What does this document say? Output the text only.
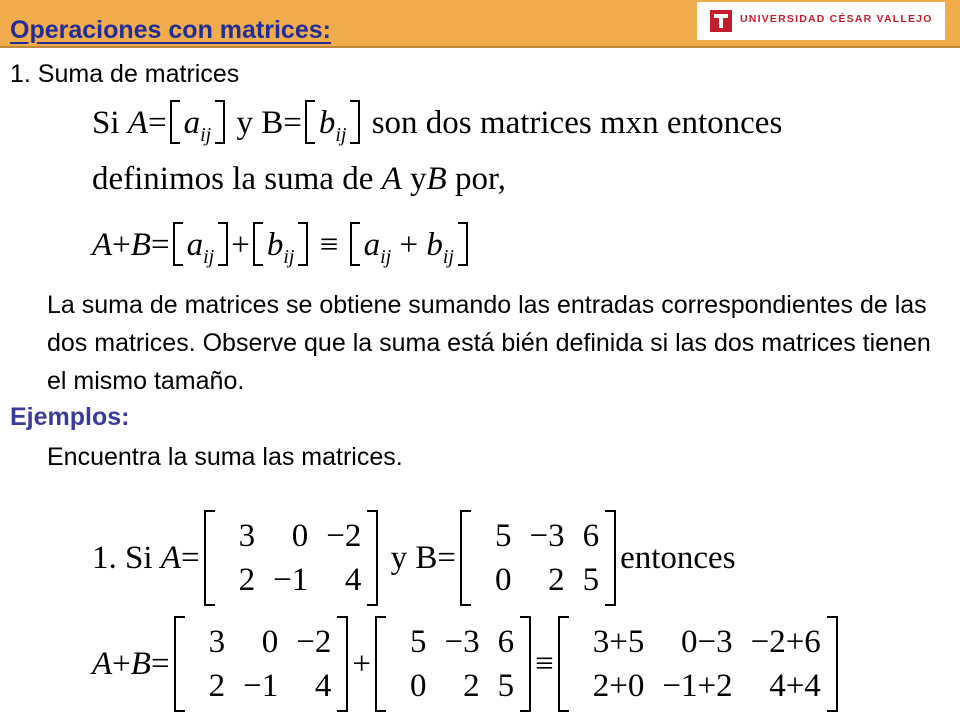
Operaciones con matrices:	UNIVERSIDAD CÉSAR VALLEJO
1. Suma de matrices
Si $A= a_{ij}$ y $B= b_{ij}$ son dos matrices mxn entonces
definimos la suma de A yB por,
$A+B= a_{ij} + b_{ij} \equiv a_{ij} + b_{ij}$
La suma de matrices se obtiene sumando las entradas correspondientes de las dos matrices. Observe que la suma está bién definida si las dos matrices tienen el mismo tamaño.
Ejemplos:
Encuentra la suma las matrices.
1.
Si
A =
3	0 −2
2 −1	4

y
B =
5 −3 6
0	2 5
entonces
A + B =
3	0 −2
2 −1	4
+
5 −3 6
0	2 5
≡
3+5	0−3 −2+6
2+0 −1+2	4+4
